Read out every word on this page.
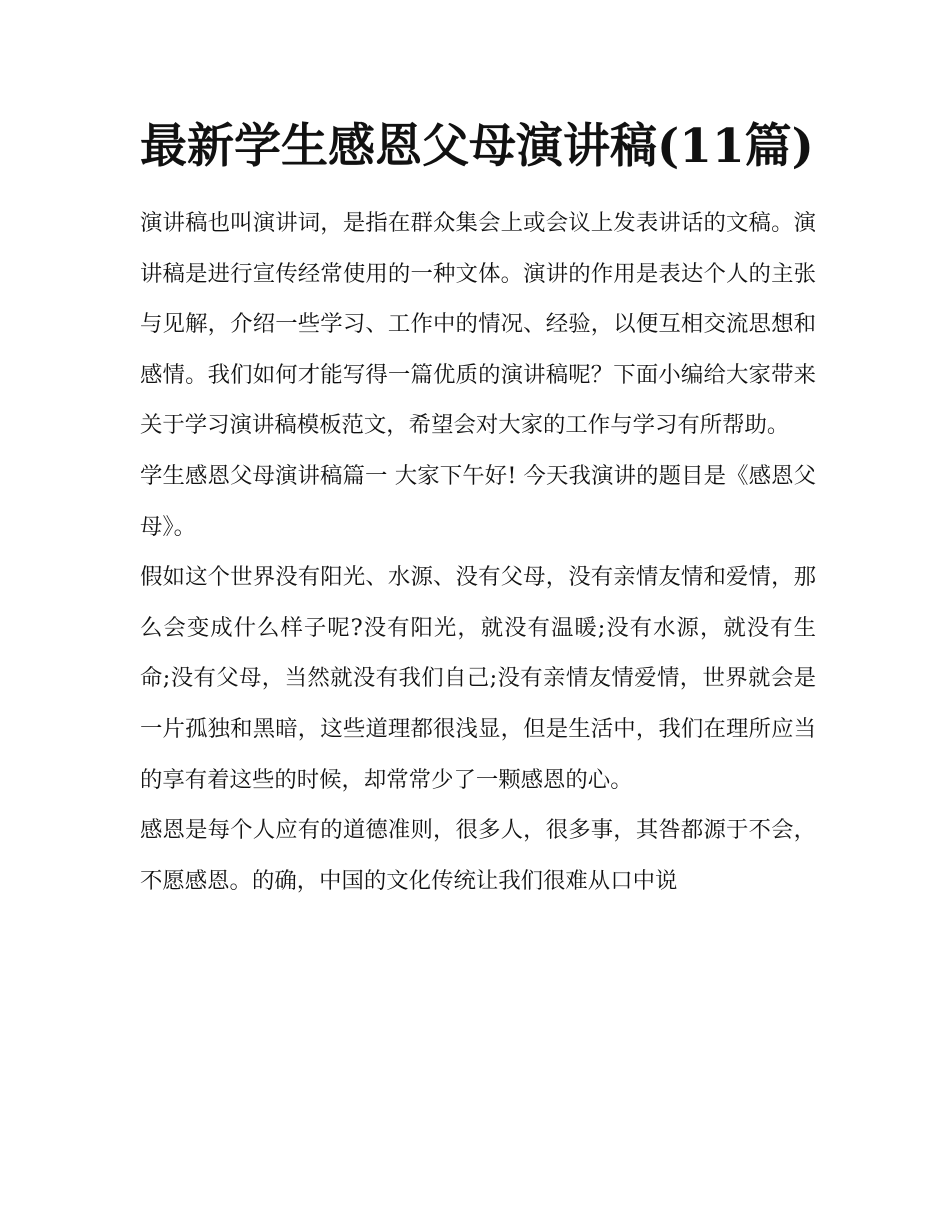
最新学生感恩父母演讲稿(11篇)

演讲稿也叫演讲词，是指在群众集会上或会议上发表讲话的文稿。演讲稿是进行宣传经常使用的一种文体。演讲的作用是表达个人的主张与见解，介绍一些学习、工作中的情况、经验，以便互相交流思想和感情。我们如何才能写得一篇优质的演讲稿呢？下面小编给大家带来关于学习演讲稿模板范文，希望会对大家的工作与学习有所帮助。

学生感恩父母演讲稿篇一 大家下午好! 今天我演讲的题目是《感恩父母》。

假如这个世界没有阳光、水源、没有父母，没有亲情友情和爱情，那么会变成什么样子呢?没有阳光，就没有温暖;没有水源，就没有生命;没有父母，当然就没有我们自己;没有亲情友情爱情，世界就会是一片孤独和黑暗，这些道理都很浅显，但是生活中，我们在理所应当的享有着这些的时候，却常常少了一颗感恩的心。

感恩是每个人应有的道德准则，很多人，很多事，其咎都源于不会，不愿感恩。的确，中国的文化传统让我们很难从口中说
